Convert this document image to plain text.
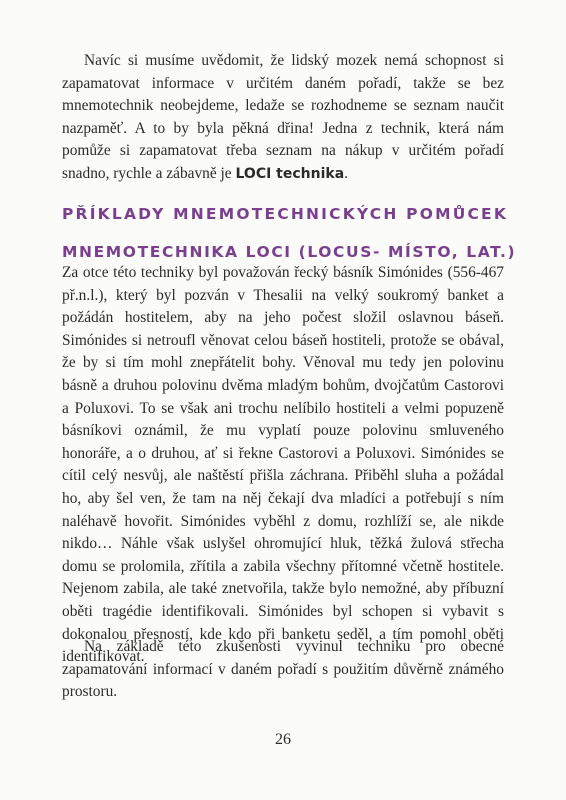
Navíc si musíme uvědomit, že lidský mozek nemá schopnost si zapamatovat informace v určitém daném pořadí, takže se bez mnemotechnik neobejdeme, ledaže se rozhodneme se seznam naučit nazpaměť. A to by byla pěkná dřina! Jedna z technik, která nám pomůže si zapamatovat třeba seznam na nákup v určitém pořadí snadno, rychle a zábavně je LOCI technika.

PŘÍKLADY MNEMOTECHNICKÝCH POMŮCEK
MNEMOTECHNIKA LOCI (LOCUS- MÍSTO, LAT.)

Za otce této techniky byl považován řecký básník Simónides (556-467 př.n.l.), který byl pozván v Thesalii na velký soukromý banket a požádán hostitelem, aby na jeho počest složil oslavnou báseň. Simónides si netroufl věnovat celou báseň hostiteli, protože se obával, že by si tím mohl znepřátelit bohy. Věnoval mu tedy jen polovinu básně a druhou polovinu dvěma mladým bohům, dvojčatům Castorovi a Poluxovi. To se však ani trochu nelíbilo hostiteli a velmi popuzeně básníkovi oznámil, že mu vyplatí pouze polovinu smluveného honoráře, a o druhou, ať si řekne Castorovi a Poluxovi. Simónides se cítil celý nesvůj, ale naštěstí přišla záchrana. Přiběhl sluha a požádal ho, aby šel ven, že tam na něj čekají dva mladíci a potřebují s ním naléhavě hovořit. Simónides vyběhl z domu, rozhlíží se, ale nikde nikdo… Náhle však uslyšel ohromující hluk, těžká žulová střecha domu se prolomila, zřítila a zabila všechny přítomné včetně hostitele. Nejenom zabila, ale také znetvořila, takže bylo nemožné, aby příbuzní oběti tragédie identifikovali. Simónides byl schopen si vybavit s dokonalou přesností, kde kdo při banketu seděl, a tím pomohl oběti identifikovat.

Na základě této zkušenosti vyvinul techniku pro obecné zapamatování informací v daném pořadí s použitím důvěrně známého prostoru.

26
